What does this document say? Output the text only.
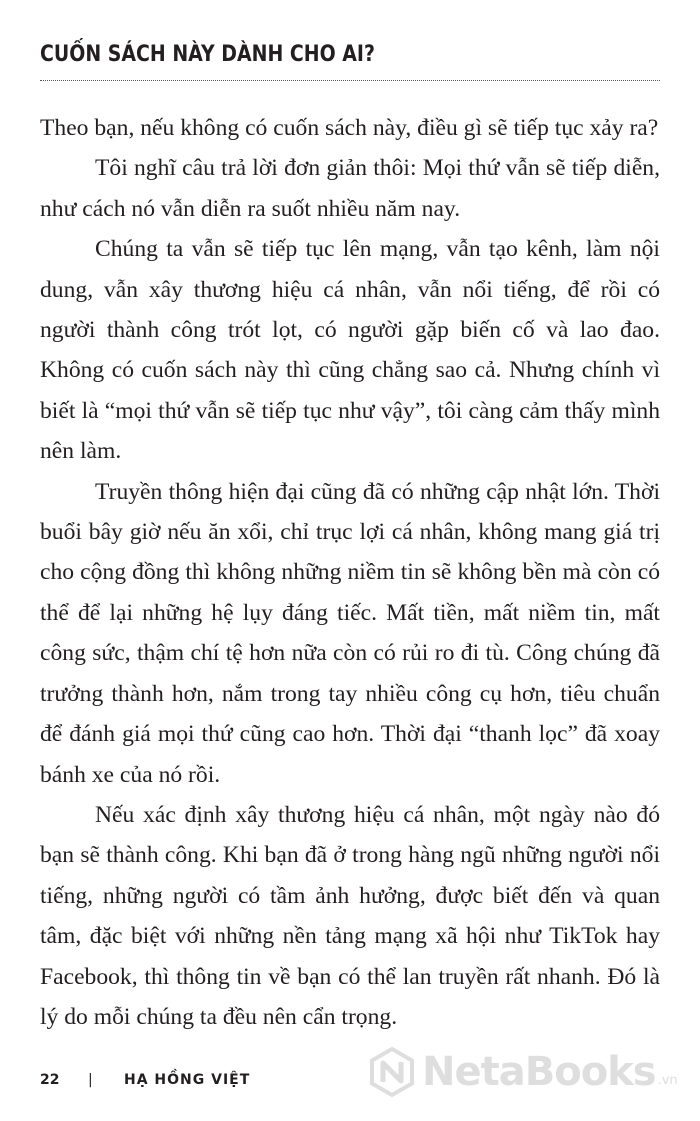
CUỐN SÁCH NÀY DÀNH CHO AI?

Theo bạn, nếu không có cuốn sách này, điều gì sẽ tiếp tục xảy ra?

Tôi nghĩ câu trả lời đơn giản thôi: Mọi thứ vẫn sẽ tiếp diễn, như cách nó vẫn diễn ra suốt nhiều năm nay.

Chúng ta vẫn sẽ tiếp tục lên mạng, vẫn tạo kênh, làm nội dung, vẫn xây thương hiệu cá nhân, vẫn nổi tiếng, để rồi có người thành công trót lọt, có người gặp biến cố và lao đao. Không có cuốn sách này thì cũng chẳng sao cả. Nhưng chính vì biết là “mọi thứ vẫn sẽ tiếp tục như vậy”, tôi càng cảm thấy mình nên làm.

Truyền thông hiện đại cũng đã có những cập nhật lớn. Thời buổi bây giờ nếu ăn xổi, chỉ trục lợi cá nhân, không mang giá trị cho cộng đồng thì không những niềm tin sẽ không bền mà còn có thể để lại những hệ lụy đáng tiếc. Mất tiền, mất niềm tin, mất công sức, thậm chí tệ hơn nữa còn có rủi ro đi tù. Công chúng đã trưởng thành hơn, nắm trong tay nhiều công cụ hơn, tiêu chuẩn để đánh giá mọi thứ cũng cao hơn. Thời đại “thanh lọc” đã xoay bánh xe của nó rồi.

Nếu xác định xây thương hiệu cá nhân, một ngày nào đó bạn sẽ thành công. Khi bạn đã ở trong hàng ngũ những người nổi tiếng, những người có tầm ảnh hưởng, được biết đến và quan tâm, đặc biệt với những nền tảng mạng xã hội như TikTok hay Facebook, thì thông tin về bạn có thể lan truyền rất nhanh. Đó là lý do mỗi chúng ta đều nên cẩn trọng.

22	|	HẠ HỒNG VIỆT	NetaBooks .vn
